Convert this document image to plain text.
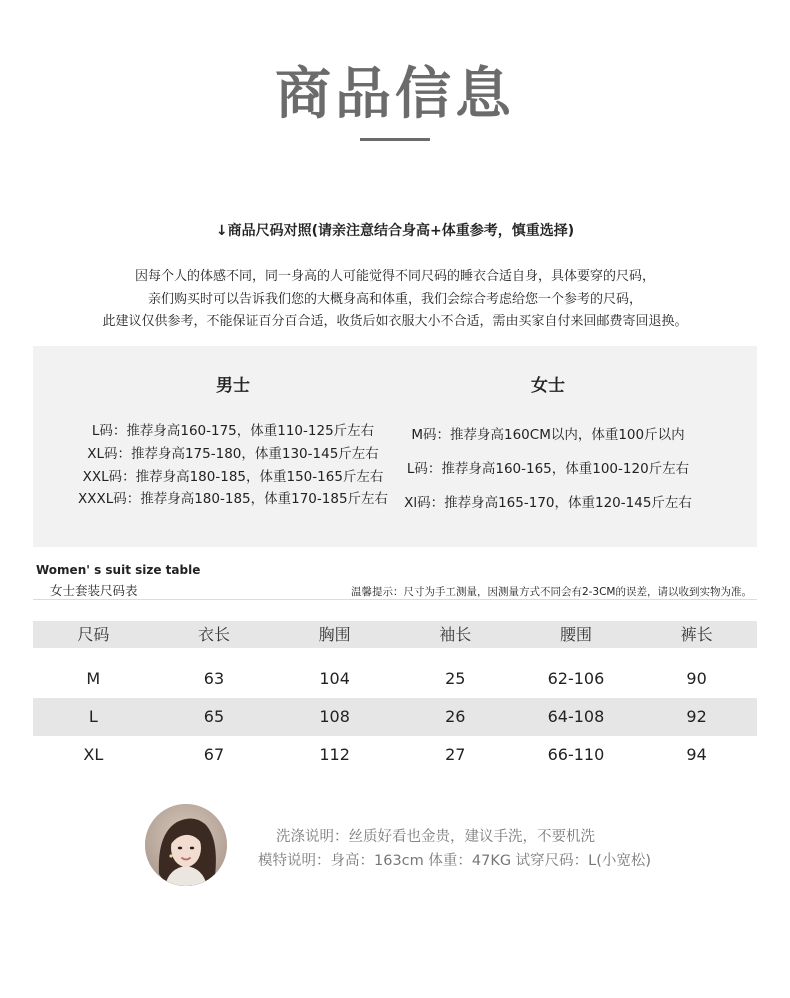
商品信息
↓商品尺码对照(请亲注意结合身高+体重参考，慎重选择)
因每个人的体感不同，同一身高的人可能觉得不同尺码的睡衣合适自身，具体要穿的尺码，
亲们购买时可以告诉我们您的大概身高和体重，我们会综合考虑给您一个参考的尺码，
此建议仅供参考，不能保证百分百合适，收货后如衣服大小不合适，需由买家自付来回邮费寄回退换。
男士
L码：推荐身高160-175，体重110-125斤左右
XL码：推荐身高175-180，体重130-145斤左右
XXL码：推荐身高180-185，体重150-165斤左右
XXXL码：推荐身高180-185，体重170-185斤左右
女士
M码：推荐身高160CM以内，体重100斤以内
L码：推荐身高160-165，体重100-120斤左右
Xl码：推荐身高165-170，体重120-145斤左右
Women' s suit size table
女士套装尺码表	温馨提示：尺寸为手工测量，因测量方式不同会有2-3CM的误差，请以收到实物为准。
尺码	衣长	胸围	袖长	腰围	裤长
M	63	104	25	62-106	90
L	65	108	26	64-108	92
XL	67	112	27	66-110	94
洗涤说明：丝质好看也金贵，建议手洗，不要机洗
模特说明：身高：163cm 体重：47KG 试穿尺码：L(小宽松)
